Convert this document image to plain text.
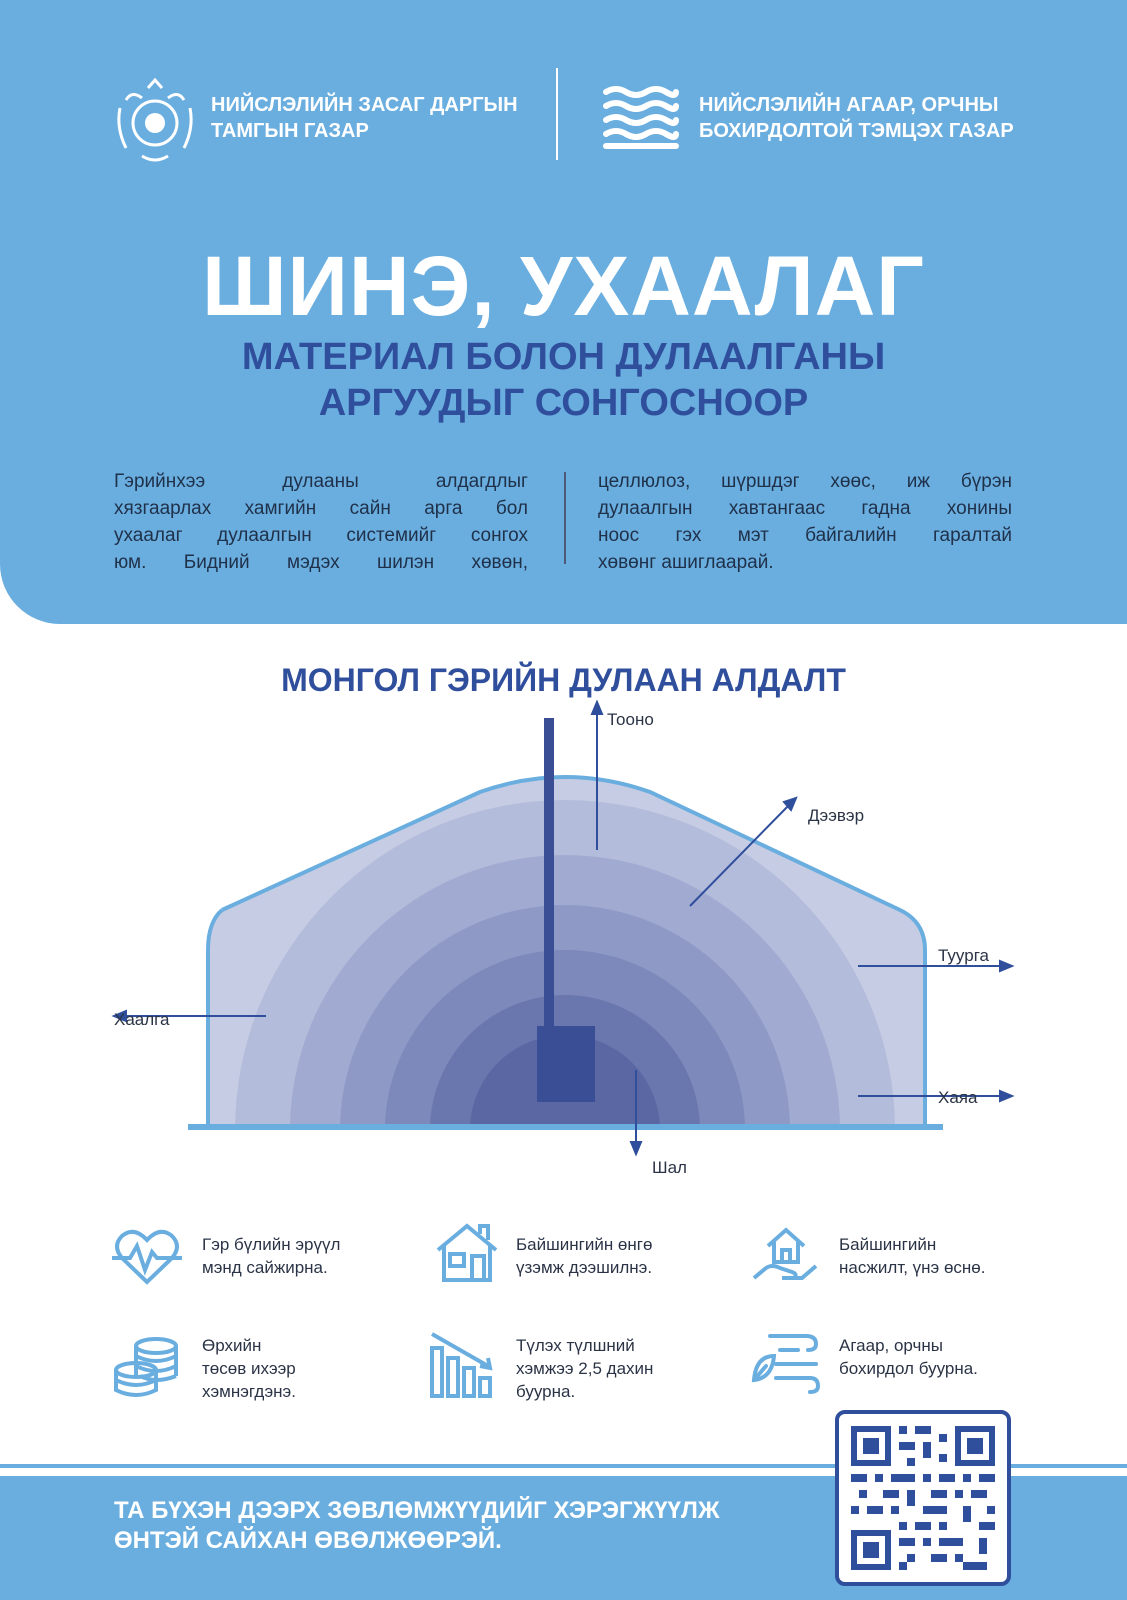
НИЙСЛЭЛИЙН ЗАСАГ ДАРГЫН
ТАМГЫН ГАЗАР
НИЙСЛЭЛИЙН АГААР, ОРЧНЫ
БОХИРДОЛТОЙ ТЭМЦЭХ ГАЗАР
ШИНЭ, УХААЛАГ
МАТЕРИАЛ БОЛОН ДУЛААЛГАНЫ
АРГУУДЫГ СОНГОСНООР
Гэрийнхээ дулааны алдагдлыг
хязгаарлах хамгийн сайн арга бол
ухаалаг дулаалгын системийг сонгох
юм. Бидний мэдэх шилэн хөвөн,
целлюлоз, шүршдэг хөөс, иж бүрэн
дулаалгын хавтангаас гадна хонины
ноос гэх мэт байгалийн гаралтай
хөвөнг ашиглаарай.
МОНГОЛ ГЭРИЙН ДУЛААН АЛДАЛТ
Тооно
Дээвэр
Туурга
Хаалга
Хаяа
Шал
Гэр бүлийн эрүүл
мэнд сайжирна.
Байшингийн өнгө
үзэмж дээшилнэ.
Байшингийн
насжилт, үнэ өснө.
Өрхийн
төсөв ихээр
хэмнэгдэнэ.
Түлэх түлшний
хэмжээ 2,5 дахин
буурна.
Агаар, орчны
бохирдол буурна.
ТА БҮХЭН ДЭЭРХ ЗӨВЛӨМЖҮҮДИЙГ ХЭРЭГЖҮҮЛЖ
ӨНТЭЙ САЙХАН ӨВӨЛЖӨӨРЭЙ.
